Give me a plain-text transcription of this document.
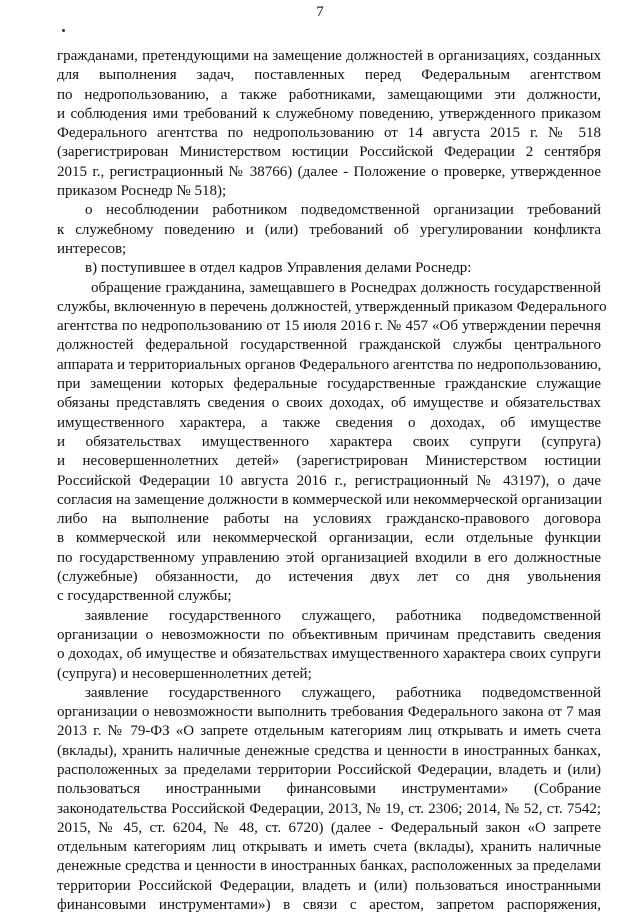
7
гражданами, претендующими на замещение должностей в организациях, созданных
для выполнения задач, поставленных перед Федеральным агентством
по недропользованию, а также работниками, замещающими эти должности,
и соблюдения ими требований к служебному поведению, утвержденного приказом
Федерального агентства по недропользованию от 14 августа 2015 г. № 518
(зарегистрирован Министерством юстиции Российской Федерации 2 сентября
2015 г., регистрационный № 38766) (далее - Положение о проверке, утвержденное
приказом Роснедр № 518);
о несоблюдении работником подведомственной организации требований
к служебному поведению и (или) требований об урегулировании конфликта
интересов;
в) поступившее в отдел кадров Управления делами Роснедр:
обращение гражданина, замещавшего в Роснедрах должность государственной
службы, включенную в перечень должностей, утвержденный приказом Федерального
агентства по недропользованию от 15 июля 2016 г. № 457 «Об утверждении перечня
должностей федеральной государственной гражданской службы центрального
аппарата и территориальных органов Федерального агентства по недропользованию,
при замещении которых федеральные государственные гражданские служащие
обязаны представлять сведения о своих доходах, об имуществе и обязательствах
имущественного характера, а также сведения о доходах, об имуществе
и обязательствах имущественного характера своих супруги (супруга)
и несовершеннолетних детей» (зарегистрирован Министерством юстиции
Российской Федерации 10 августа 2016 г., регистрационный № 43197), о даче
согласия на замещение должности в коммерческой или некоммерческой организации
либо на выполнение работы на условиях гражданско-правового договора
в коммерческой или некоммерческой организации, если отдельные функции
по государственному управлению этой организацией входили в его должностные
(служебные) обязанности, до истечения двух лет со дня увольнения
с государственной службы;
заявление государственного служащего, работника подведомственной
организации о невозможности по объективным причинам представить сведения
о доходах, об имуществе и обязательствах имущественного характера своих супруги
(супруга) и несовершеннолетних детей;
заявление государственного служащего, работника подведомственной
организации о невозможности выполнить требования Федерального закона от 7 мая
2013 г. № 79-ФЗ «О запрете отдельным категориям лиц открывать и иметь счета
(вклады), хранить наличные денежные средства и ценности в иностранных банках,
расположенных за пределами территории Российской Федерации, владеть и (или)
пользоваться иностранными финансовыми инструментами» (Собрание
законодательства Российской Федерации, 2013, № 19, ст. 2306; 2014, № 52, ст. 7542;
2015, № 45, ст. 6204, № 48, ст. 6720) (далее - Федеральный закон «О запрете
отдельным категориям лиц открывать и иметь счета (вклады), хранить наличные
денежные средства и ценности в иностранных банках, расположенных за пределами
территории Российской Федерации, владеть и (или) пользоваться иностранными
финансовыми инструментами») в связи с арестом, запретом распоряжения,
